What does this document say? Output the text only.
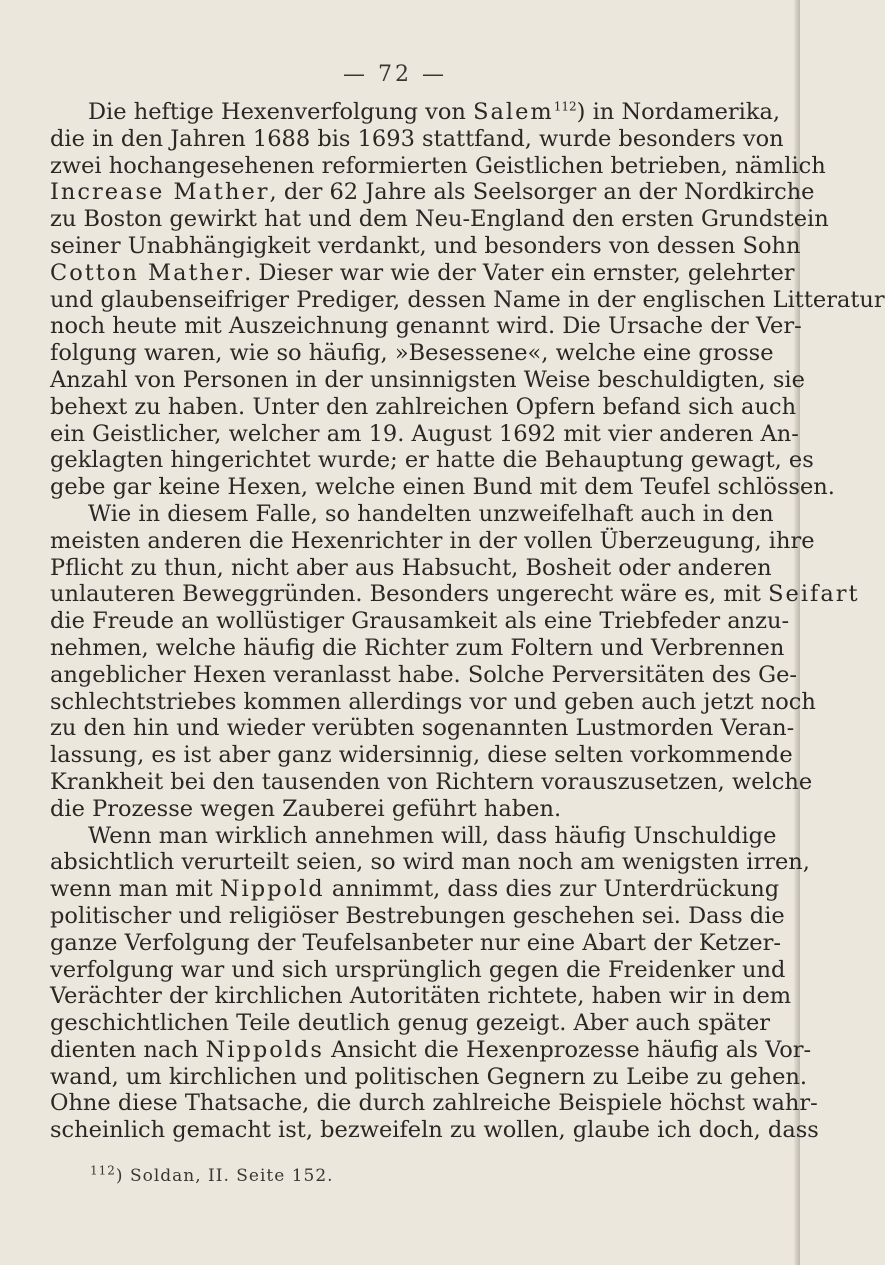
— 72 —
Die heftige Hexenverfolgung von Salem$^{112}$) in Nordamerika,
die in den Jahren 1688 bis 1693 stattfand, wurde besonders von
zwei hochangesehenen reformierten Geistlichen betrieben, nämlich
Increase Mather, der 62 Jahre als Seelsorger an der Nordkirche
zu Boston gewirkt hat und dem Neu-England den ersten Grundstein
seiner Unabhängigkeit verdankt, und besonders von dessen Sohn
Cotton Mather. Dieser war wie der Vater ein ernster, gelehrter
und glaubenseifriger Prediger, dessen Name in der englischen Litteratur
noch heute mit Auszeichnung genannt wird. Die Ursache der Ver-
folgung waren, wie so häufig, »Besessene«, welche eine grosse
Anzahl von Personen in der unsinnigsten Weise beschuldigten, sie
behext zu haben. Unter den zahlreichen Opfern befand sich auch
ein Geistlicher, welcher am 19. August 1692 mit vier anderen An-
geklagten hingerichtet wurde; er hatte die Behauptung gewagt, es
gebe gar keine Hexen, welche einen Bund mit dem Teufel schlössen.
Wie in diesem Falle, so handelten unzweifelhaft auch in den
meisten anderen die Hexenrichter in der vollen Überzeugung, ihre
Pflicht zu thun, nicht aber aus Habsucht, Bosheit oder anderen
unlauteren Beweggründen. Besonders ungerecht wäre es, mit Seifart
die Freude an wollüstiger Grausamkeit als eine Triebfeder anzu-
nehmen, welche häufig die Richter zum Foltern und Verbrennen
angeblicher Hexen veranlasst habe. Solche Perversitäten des Ge-
schlechtstriebes kommen allerdings vor und geben auch jetzt noch
zu den hin und wieder verübten sogenannten Lustmorden Veran-
lassung, es ist aber ganz widersinnig, diese selten vorkommende
Krankheit bei den tausenden von Richtern vorauszusetzen, welche
die Prozesse wegen Zauberei geführt haben.
Wenn man wirklich annehmen will, dass häufig Unschuldige
absichtlich verurteilt seien, so wird man noch am wenigsten irren,
wenn man mit Nippold annimmt, dass dies zur Unterdrückung
politischer und religiöser Bestrebungen geschehen sei. Dass die
ganze Verfolgung der Teufelsanbeter nur eine Abart der Ketzer-
verfolgung war und sich ursprünglich gegen die Freidenker und
Verächter der kirchlichen Autoritäten richtete, haben wir in dem
geschichtlichen Teile deutlich genug gezeigt. Aber auch später
dienten nach Nippolds Ansicht die Hexenprozesse häufig als Vor-
wand, um kirchlichen und politischen Gegnern zu Leibe zu gehen.
Ohne diese Thatsache, die durch zahlreiche Beispiele höchst wahr-
scheinlich gemacht ist, bezweifeln zu wollen, glaube ich doch, dass
$^{112}$) Soldan, II. Seite 152.
